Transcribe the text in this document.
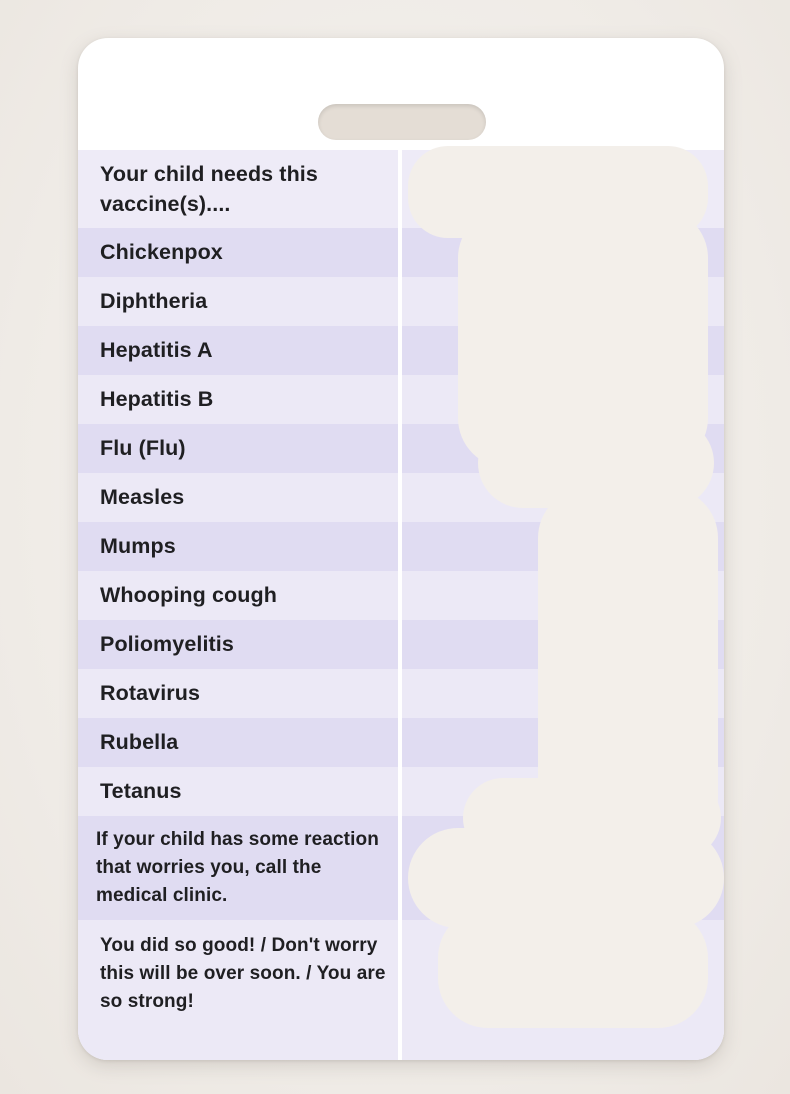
Your child needs this vaccine(s)....
Chickenpox
Diphtheria
Hepatitis A
Hepatitis B
Flu (Flu)
Measles
Mumps
Whooping cough
Poliomyelitis
Rotavirus
Rubella
Tetanus
If your child has some reaction that worries you, call the medical clinic.
You did so good! / Don't worry this will be over soon. / You are so strong!
